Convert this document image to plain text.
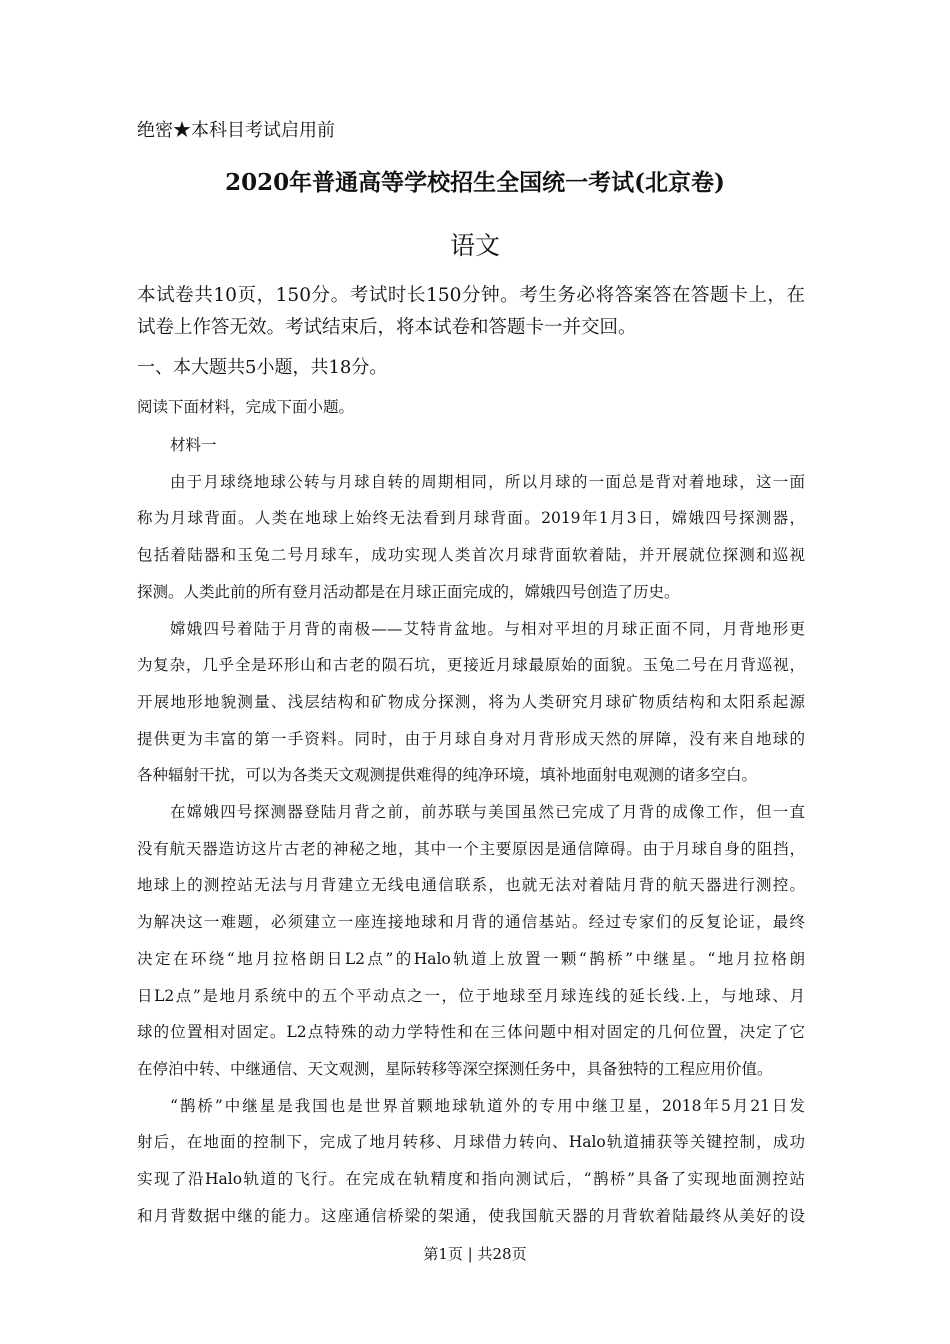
绝密★本科目考试启用前
2020年普通高等学校招生全国统一考试(北京卷)
语文
本试卷共10页，150分。考试时长150分钟。考生务必将答案答在答题卡上，在
试卷上作答无效。考试结束后，将本试卷和答题卡一并交回。
一、本大题共5小题，共18分。
阅读下面材料，完成下面小题。
材料一
由于月球绕地球公转与月球自转的周期相同，所以月球的一面总是背对着地球，这一面
称为月球背面。人类在地球上始终无法看到月球背面。2019年1月3日，嫦娥四号探测器，
包括着陆器和玉兔二号月球车，成功实现人类首次月球背面软着陆，并开展就位探测和巡视
探测。人类此前的所有登月活动都是在月球正面完成的，嫦娥四号创造了历史。
嫦娥四号着陆于月背的南极——艾特肯盆地。与相对平坦的月球正面不同，月背地形更
为复杂，几乎全是环形山和古老的陨石坑，更接近月球最原始的面貌。玉兔二号在月背巡视，
开展地形地貌测量、浅层结构和矿物成分探测，将为人类研究月球矿物质结构和太阳系起源
提供更为丰富的第一手资料。同时，由于月球自身对月背形成天然的屏障，没有来自地球的
各种辐射干扰，可以为各类天文观测提供难得的纯净环境，填补地面射电观测的诸多空白。
在嫦娥四号探测器登陆月背之前，前苏联与美国虽然已完成了月背的成像工作，但一直
没有航天器造访这片古老的神秘之地，其中一个主要原因是通信障碍。由于月球自身的阻挡，
地球上的测控站无法与月背建立无线电通信联系，也就无法对着陆月背的航天器进行测控。
为解决这一难题，必须建立一座连接地球和月背的通信基站。经过专家们的反复论证，最终
决定在环绕“地月拉格朗日L2点”的Halo轨道上放置一颗“鹊桥”中继星。“地月拉格朗
日L2点”是地月系统中的五个平动点之一，位于地球至月球连线的延长线.上，与地球、月
球的位置相对固定。L2点特殊的动力学特性和在三体问题中相对固定的几何位置，决定了它
在停泊中转、中继通信、天文观测，星际转移等深空探测任务中，具备独特的工程应用价值。
“鹊桥”中继星是我国也是世界首颗地球轨道外的专用中继卫星，2018年5月21日发
射后，在地面的控制下，完成了地月转移、月球借力转向、Halo轨道捕获等关键控制，成功
实现了沿Halo轨道的飞行。在完成在轨精度和指向测试后，“鹊桥”具备了实现地面测控站
和月背数据中继的能力。这座通信桥梁的架通，使我国航天器的月背软着陆最终从美好的设
第1页 | 共28页
